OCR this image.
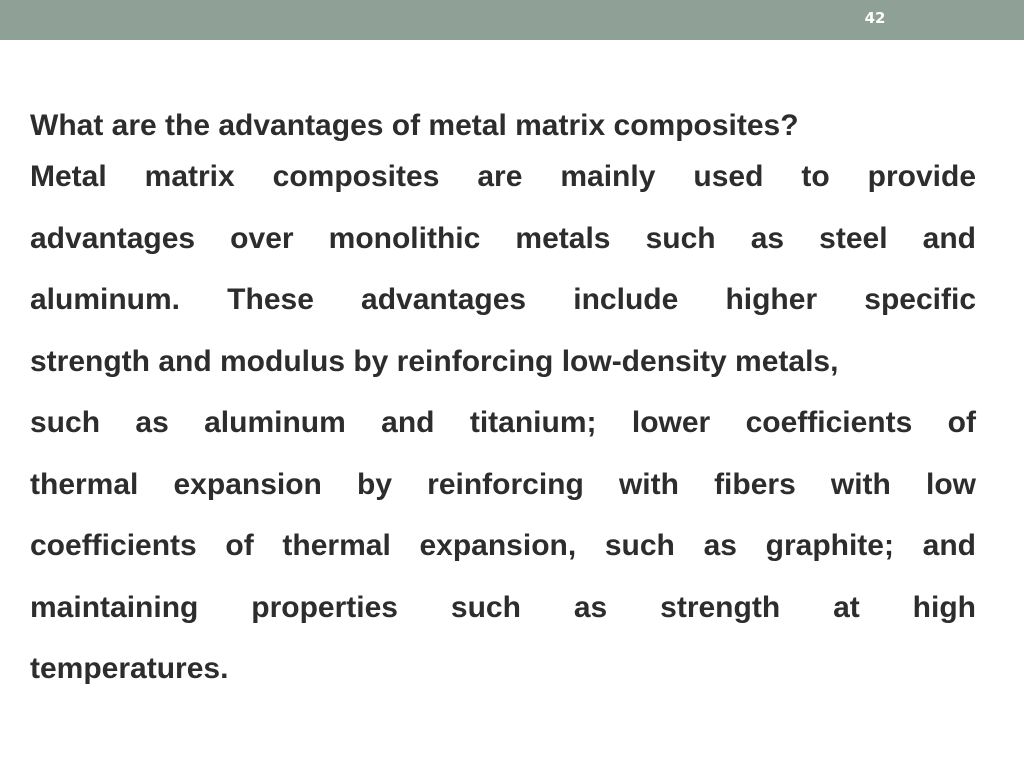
42

What are the advantages of metal matrix composites?

Metal matrix composites are mainly used to provide
advantages over monolithic metals such as steel and
aluminum. These advantages include higher specific
strength and modulus by reinforcing low-density metals,
such as aluminum and titanium; lower coefficients of
thermal expansion by reinforcing with fibers with low
coefficients of thermal expansion, such as graphite; and
maintaining properties such as strength at high
temperatures.
